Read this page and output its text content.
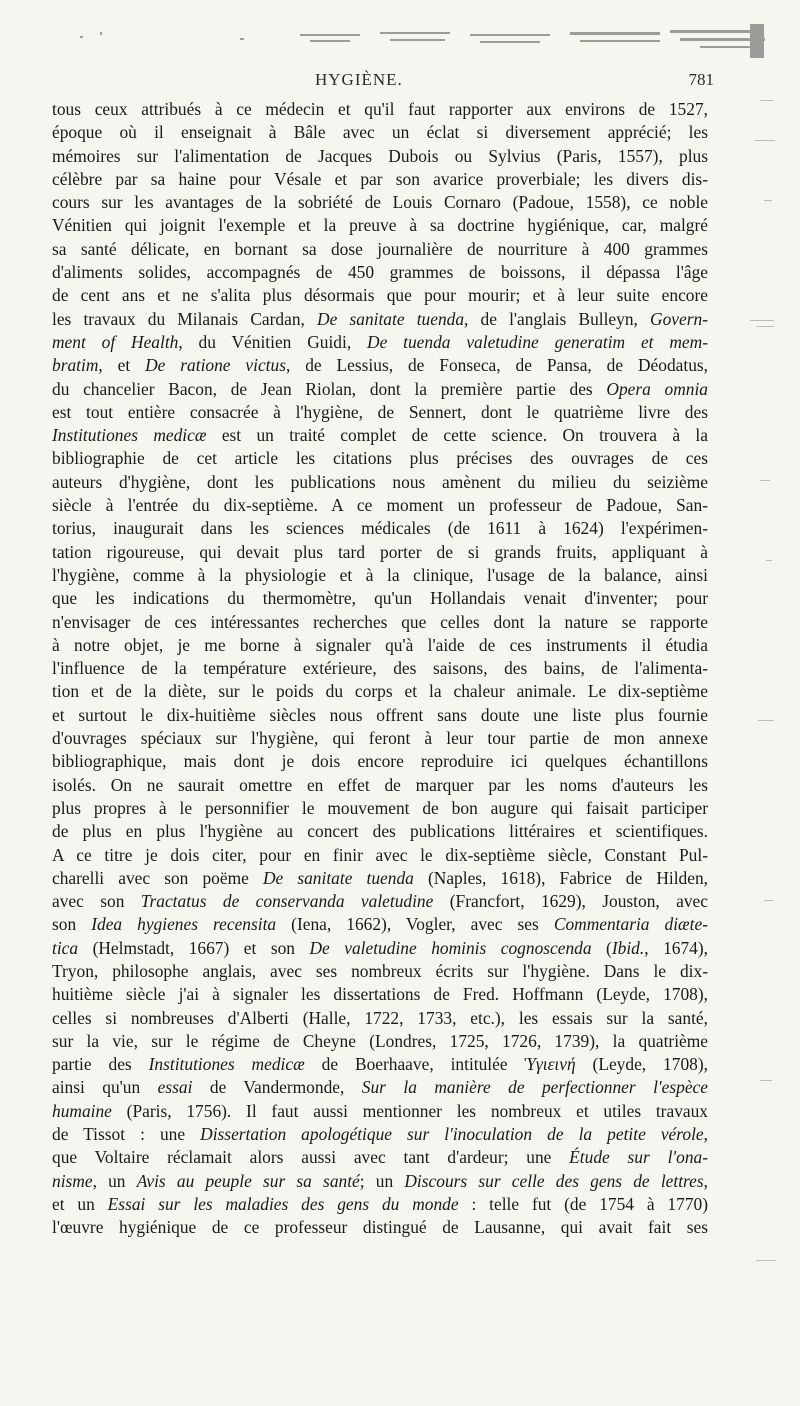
HYGIÈNE.	781
tous ceux attribués à ce médecin et qu'il faut rapporter aux environs de 1527,
époque où il enseignait à Bâle avec un éclat si diversement apprécié; les
mémoires sur l'alimentation de Jacques Dubois ou Sylvius (Paris, 1557), plus
célèbre par sa haine pour Vésale et par son avarice proverbiale; les divers dis-
cours sur les avantages de la sobriété de Louis Cornaro (Padoue, 1558), ce noble
Vénitien qui joignit l'exemple et la preuve à sa doctrine hygiénique, car, malgré
sa santé délicate, en bornant sa dose journalière de nourriture à 400 grammes
d'aliments solides, accompagnés de 450 grammes de boissons, il dépassa l'âge
de cent ans et ne s'alita plus désormais que pour mourir; et à leur suite encore
les travaux du Milanais Cardan, De sanitate tuenda, de l'anglais Bulleyn, Govern-
ment of Health, du Vénitien Guidi, De tuenda valetudine generatim et mem-
bratim, et De ratione victus, de Lessius, de Fonseca, de Pansa, de Déodatus,
du chancelier Bacon, de Jean Riolan, dont la première partie des Opera omnia
est tout entière consacrée à l'hygiène, de Sennert, dont le quatrième livre des
Institutiones medicæ est un traité complet de cette science. On trouvera à la
bibliographie de cet article les citations plus précises des ouvrages de ces
auteurs d'hygiène, dont les publications nous amènent du milieu du seizième
siècle à l'entrée du dix-septième. A ce moment un professeur de Padoue, San-
torius, inaugurait dans les sciences médicales (de 1611 à 1624) l'expérimen-
tation rigoureuse, qui devait plus tard porter de si grands fruits, appliquant à
l'hygiène, comme à la physiologie et à la clinique, l'usage de la balance, ainsi
que les indications du thermomètre, qu'un Hollandais venait d'inventer; pour
n'envisager de ces intéressantes recherches que celles dont la nature se rapporte
à notre objet, je me borne à signaler qu'à l'aide de ces instruments il étudia
l'influence de la température extérieure, des saisons, des bains, de l'alimenta-
tion et de la diète, sur le poids du corps et la chaleur animale. Le dix-septième
et surtout le dix-huitième siècles nous offrent sans doute une liste plus fournie
d'ouvrages spéciaux sur l'hygiène, qui feront à leur tour partie de mon annexe
bibliographique, mais dont je dois encore reproduire ici quelques échantillons
isolés. On ne saurait omettre en effet de marquer par les noms d'auteurs les
plus propres à le personnifier le mouvement de bon augure qui faisait participer
de plus en plus l'hygiène au concert des publications littéraires et scientifiques.
A ce titre je dois citer, pour en finir avec le dix-septième siècle, Constant Pul-
charelli avec son poëme De sanitate tuenda (Naples, 1618), Fabrice de Hilden,
avec son Tractatus de conservanda valetudine (Francfort, 1629), Jouston, avec
son Idea hygienes recensita (Iena, 1662), Vogler, avec ses Commentaria diæte-
tica (Helmstadt, 1667) et son De valetudine hominis cognoscenda (Ibid., 1674),
Tryon, philosophe anglais, avec ses nombreux écrits sur l'hygiène. Dans le dix-
huitième siècle j'ai à signaler les dissertations de Fred. Hoffmann (Leyde, 1708),
celles si nombreuses d'Alberti (Halle, 1722, 1733, etc.), les essais sur la santé,
sur la vie, sur le régime de Cheyne (Londres, 1725, 1726, 1739), la quatrième
partie des Institutiones medicæ de Boerhaave, intitulée Ὑγιεινή (Leyde, 1708),
ainsi qu'un essai de Vandermonde, Sur la manière de perfectionner l'espèce
humaine (Paris, 1756). Il faut aussi mentionner les nombreux et utiles travaux
de Tissot : une Dissertation apologétique sur l'inoculation de la petite vérole,
que Voltaire réclamait alors aussi avec tant d'ardeur; une Étude sur l'ona-
nisme, un Avis au peuple sur sa santé; un Discours sur celle des gens de lettres,
et un Essai sur les maladies des gens du monde : telle fut (de 1754 à 1770)
l'œuvre hygiénique de ce professeur distingué de Lausanne, qui avait fait ses
